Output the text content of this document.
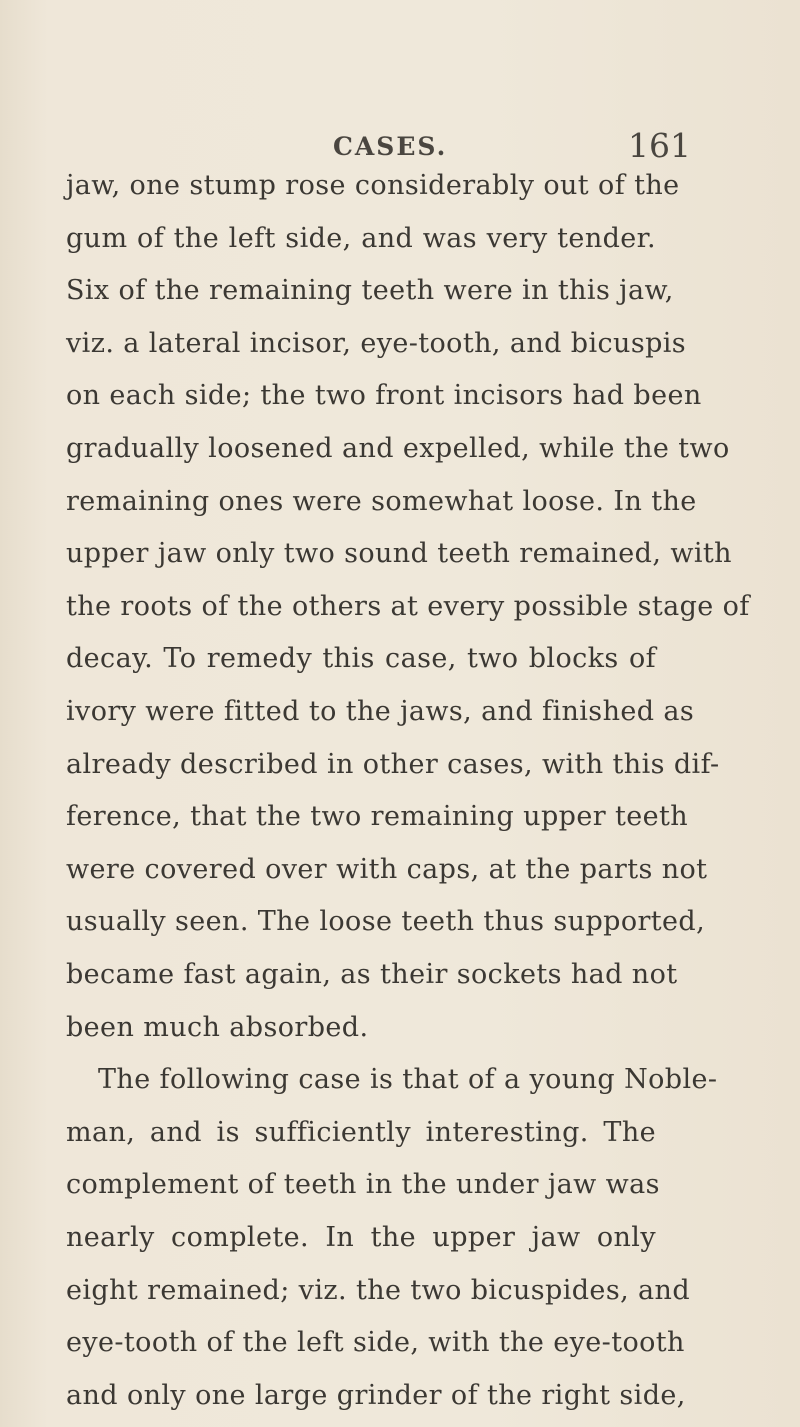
CASES.	161
jaw, one stump rose considerably out of the
gum of the left side, and was very tender.
Six of the remaining teeth were in this jaw,
viz. a lateral incisor, eye-tooth, and bicuspis
on each side; the two front incisors had been
gradually loosened and expelled, while the two
remaining ones were somewhat loose. In the
upper jaw only two sound teeth remained, with
the roots of the others at every possible stage of
decay. To remedy this case, two blocks of
ivory were fitted to the jaws, and finished as
already described in other cases, with this dif-
ference, that the two remaining upper teeth
were covered over with caps, at the parts not
usually seen. The loose teeth thus supported,
became fast again, as their sockets had not
been much absorbed.
The following case is that of a young Noble-
man, and is sufficiently interesting. The
complement of teeth in the under jaw was
nearly complete. In the upper jaw only
eight remained; viz. the two bicuspides, and
eye-tooth of the left side, with the eye-tooth
and only one large grinder of the right side,
